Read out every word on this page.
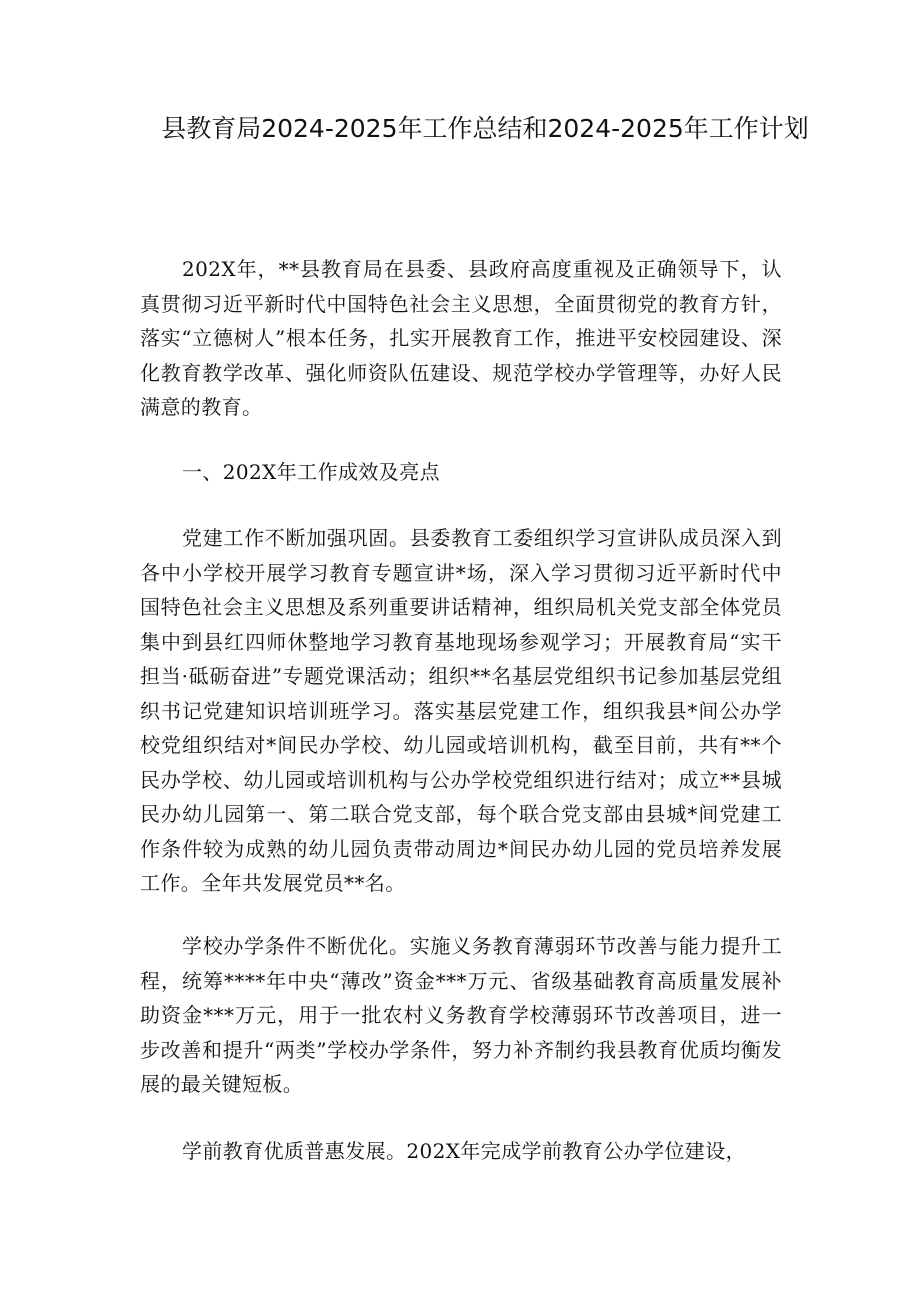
县教育局2024-2025年工作总结和2024-2025年工作计划

202X年，**县教育局在县委、县政府高度重视及正确领导下，认真贯彻习近平新时代中国特色社会主义思想，全面贯彻党的教育方针，落实“立德树人”根本任务，扎实开展教育工作，推进平安校园建设、深化教育教学改革、强化师资队伍建设、规范学校办学管理等，办好人民满意的教育。

一、202X年工作成效及亮点

党建工作不断加强巩固。县委教育工委组织学习宣讲队成员深入到各中小学校开展学习教育专题宣讲*场，深入学习贯彻习近平新时代中国特色社会主义思想及系列重要讲话精神，组织局机关党支部全体党员集中到县红四师休整地学习教育基地现场参观学习；开展教育局“实干担当·砥砺奋进”专题党课活动；组织**名基层党组织书记参加基层党组织书记党建知识培训班学习。落实基层党建工作，组织我县*间公办学校党组织结对*间民办学校、幼儿园或培训机构，截至目前，共有**个民办学校、幼儿园或培训机构与公办学校党组织进行结对；成立**县城民办幼儿园第一、第二联合党支部，每个联合党支部由县城*间党建工作条件较为成熟的幼儿园负责带动周边*间民办幼儿园的党员培养发展工作。全年共发展党员**名。

学校办学条件不断优化。实施义务教育薄弱环节改善与能力提升工程，统筹****年中央“薄改”资金***万元、省级基础教育高质量发展补助资金***万元，用于一批农村义务教育学校薄弱环节改善项目，进一步改善和提升“两类”学校办学条件，努力补齐制约我县教育优质均衡发展的最关键短板。

学前教育优质普惠发展。202X年完成学前教育公办学位建设，
